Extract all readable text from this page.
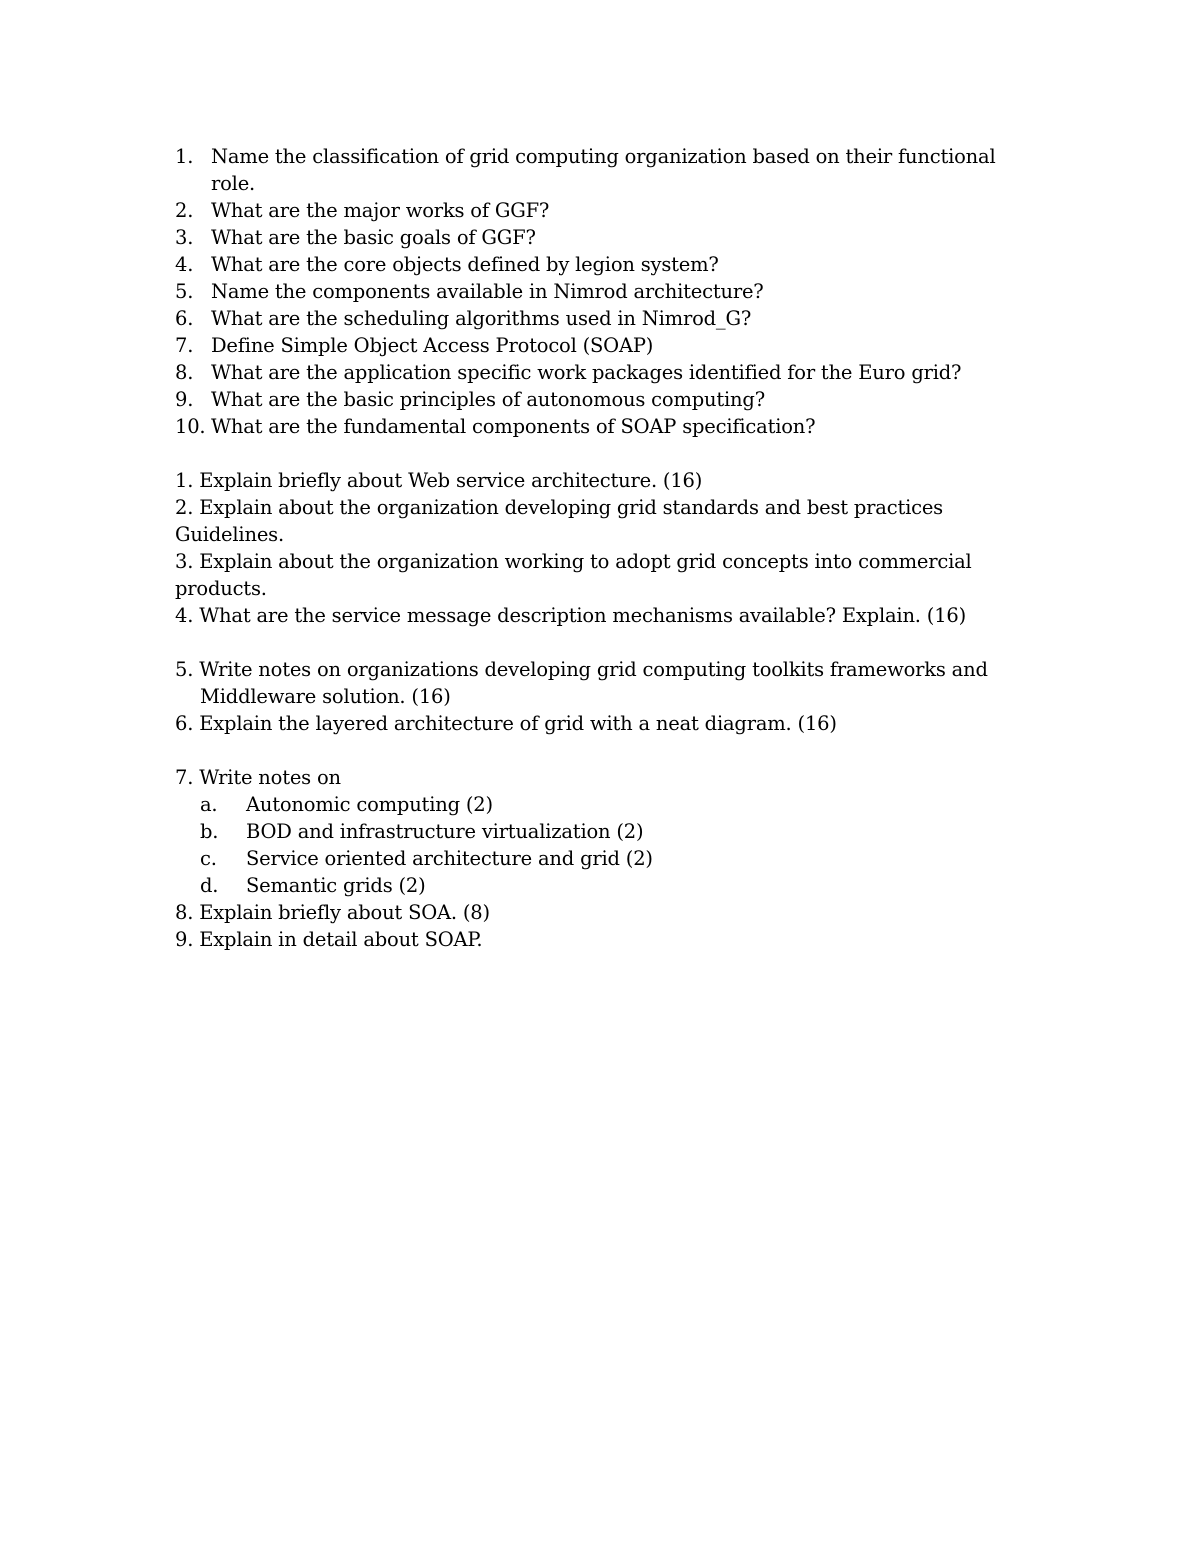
1. Name the classification of grid computing organization based on their functional role.
2. What are the major works of GGF?
3. What are the basic goals of GGF?
4. What are the core objects defined by legion system?
5. Name the components available in Nimrod architecture?
6. What are the scheduling algorithms used in Nimrod_G?
7. Define Simple Object Access Protocol (SOAP)
8. What are the application specific work packages identified for the Euro grid?
9. What are the basic principles of autonomous computing?
10. What are the fundamental components of SOAP specification?
1. Explain briefly about Web service architecture. (16)
2. Explain about the organization developing grid standards and best practices Guidelines.
3. Explain about the organization working to adopt grid concepts into commercial products.
4. What are the service message description mechanisms available? Explain. (16)
5. Write notes on organizations developing grid computing toolkits frameworks and Middleware solution. (16)
6. Explain the layered architecture of grid with a neat diagram. (16)
7. Write notes on
a.	Autonomic computing (2)
b.	BOD and infrastructure virtualization (2)
c.	Service oriented architecture and grid (2)
d.	Semantic grids (2)
8. Explain briefly about SOA. (8)
9. Explain in detail about SOAP.
